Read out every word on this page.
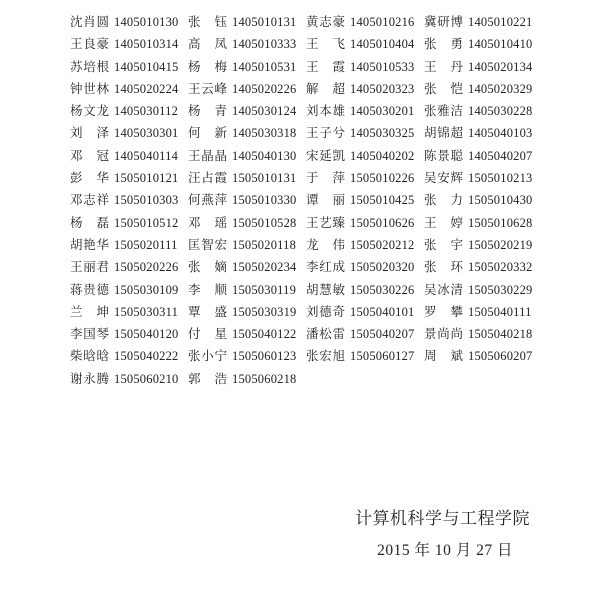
沈 肖 圆 1405010130 张 钰 1405010131 黄 志 豪 1405010216 冀 研 博 1405010221
王 良 豪 1405010314 高 凤 1405010333 王 飞 1405010404 张 勇 1405010410
苏 培 根 1405010415 杨 梅 1405010531 王 霞 1405010533 王 丹 1405020134
钟 世 林 1405020224 王 云 峰 1405020226 解 超 1405020323 张 恺 1405020329
杨 文 龙 1405030112 杨 青 1405030124 刘 本 雄 1405030201 张 雅 洁 1405030228
刘 泽 1405030301 何 新 1405030318 王 子 兮 1405030325 胡 锦 超 1405040103
邓 冠 1405040114 王 晶 晶 1405040130 宋 延 凯 1405040202 陈 景 聪 1405040207
彭 华 1505010121 汪 占 霞 1505010131 于 萍 1505010226 吴 安 辉 1505010213
邓 志 祥 1505010303 何 燕 萍 1505010330 谭 丽 1505010425 张 力 1505010430
杨 磊 1505010512 邓 瑶 1505010528 王 艺 臻 1505010626 王 婷 1505010628
胡 艳 华 1505020111 匡 智 宏 1505020118 龙 伟 1505020212 张 宇 1505020219
王 丽 君 1505020226 张 嫡 1505020234 李 红 成 1505020320 张 环 1505020332
蒋 贵 德 1505030109 李 顺 1505030119 胡 慧 敏 1505030226 吴 冰 清 1505030229
兰 坤 1505030311 覃 盛 1505030319 刘 德 奇 1505040101 罗 攀 1505040111
李 国 琴 1505040120 付 星 1505040122 潘 松 雷 1505040207 景 尚 尚 1505040218
柴 晗 晗 1505040222 张 小 宁 1505060123 张 宏 旭 1505060127 周 斌 1505060207
谢 永 腾 1505060210 郭 浩 1505060218
计算机科学与工程学院
2015 年 10 月 27 日
